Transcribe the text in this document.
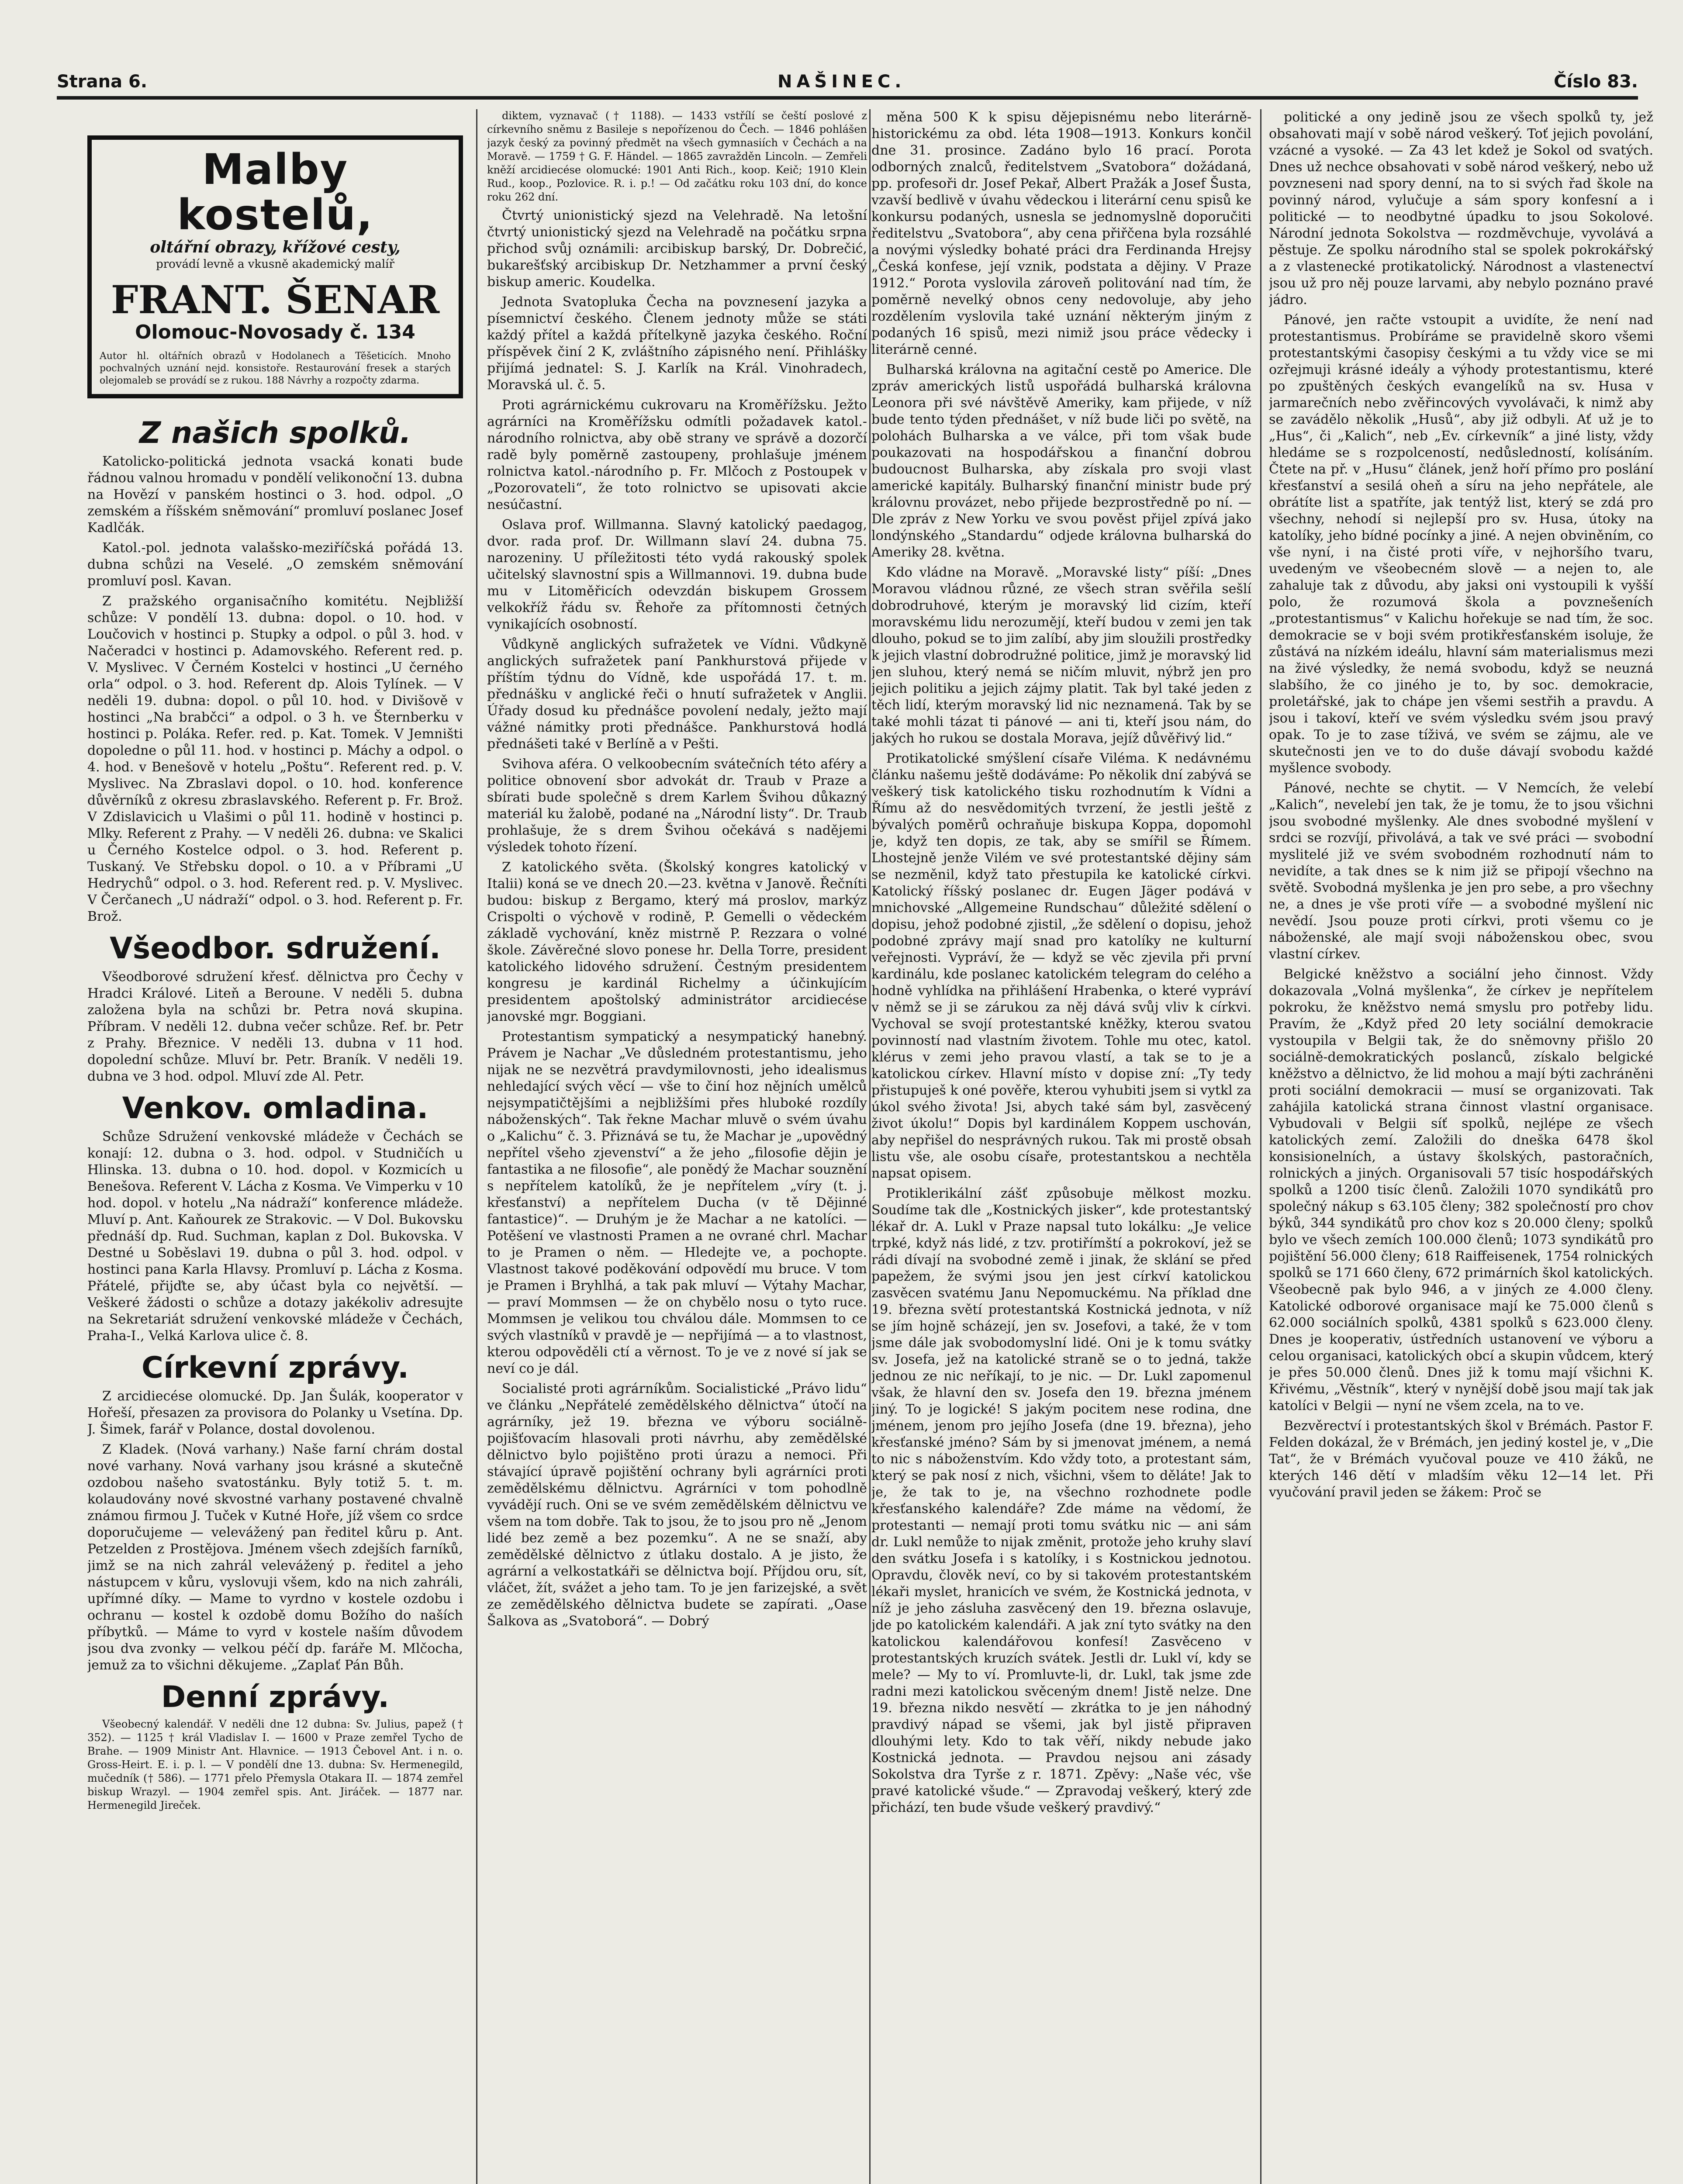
Strana 6.	NAŠINEC.	Číslo 83.
Malby kostelů,
oltářní obrazy, křížové cesty,
provádí levně a vkusně akademický malíř
FRANT. ŠENAR
Olomouc-Novosady č. 134
Autor hl. oltářních obrazů v Hodolanech a Těšeticích. Mnoho pochvalných uznání nejd. konsistoře. Restaurování fresek a starých olejomaleb se provádí se z rukou. 188 Návrhy a rozpočty zdarma.
Z našich spolků.

Katolicko-politická jednota vsacká konati bude řádnou valnou hromadu v pondělí velikonoční 13. dubna na Hovězí v panském hostinci o 3. hod. odpol. „O zemském a říšském sněmování“ promluví poslanec Josef Kadlčák.

Katol.-pol. jednota valašsko-meziříčská pořádá 13. dubna schůzi na Veselé. „O zemském sněmování promluví posl. Kavan.

Z pražského organisačního komitétu. Nejbližší schůze: V pondělí 13. dubna: dopol. o 10. hod. v Loučovich v hostinci p. Stupky a odpol. o půl 3. hod. v Načeradci v hostinci p. Adamovského. Referent red. p. V. Myslivec. V Černém Kostelci v hostinci „U černého orla“ odpol. o 3. hod. Referent dp. Alois Tylínek. — V neděli 19. dubna: dopol. o půl 10. hod. v Divišově v hostinci „Na brabčci“ a odpol. o 3 h. ve Šternberku v hostinci p. Poláka. Refer. red. p. Kat. Tomek. V Jemništi dopoledne o půl 11. hod. v hostinci p. Máchy a odpol. o 4. hod. v Benešově v hotelu „Poštu“. Referent red. p. V. Myslivec. Na Zbraslavi dopol. o 10. hod. konference důvěrníků z okresu zbraslavského. Referent p. Fr. Brož. V Zdislavicich u Vlašimi o půl 11. hodině v hostinci p. Mlky. Referent z Prahy. — V neděli 26. dubna: ve Skalici u Černého Kostelce odpol. o 3. hod. Referent p. Tuskaný. Ve Střebsku dopol. o 10. a v Příbrami „U Hedrychů“ odpol. o 3. hod. Referent red. p. V. Myslivec. V Čerčanech „U nádraží“ odpol. o 3. hod. Referent p. Fr. Brož.

Všeodbor. sdružení.

Všeodborové sdružení křesť. dělnictva pro Čechy v Hradci Králové. Liteň a Beroune. V neděli 5. dubna založena byla na schůzi br. Petra nová skupina. Příbram. V neděli 12. dubna večer schůze. Ref. br. Petr z Prahy. Březnice. V neděli 13. dubna v 11 hod. dopolední schůze. Mluví br. Petr. Braník. V neděli 19. dubna ve 3 hod. odpol. Mluví zde Al. Petr.

Venkov. omladina.

Schůze Sdružení venkovské mládeže v Čechách se konají: 12. dubna o 3. hod. odpol. v Studničích u Hlinska. 13. dubna o 10. hod. dopol. v Kozmicích u Benešova. Referent V. Lácha z Kosma. Ve Vimperku v 10 hod. dopol. v hotelu „Na nádraží“ konference mládeže. Mluví p. Ant. Kaňourek ze Strakovic. — V Dol. Bukovsku přednáší dp. Rud. Suchman, kaplan z Dol. Bukovska. V Destné u Soběslavi 19. dubna o půl 3. hod. odpol. v hostinci pana Karla Hlavsy. Promluví p. Lácha z Kosma. Přátelé, přijďte se, aby účast byla co největší. — Veškeré žádosti o schůze a dotazy jakékoliv adresujte na Sekretariát sdružení venkovské mládeže v Čechách, Praha-I., Velká Karlova ulice č. 8.

Církevní zprávy.

Z arcidiecése olomucké. Dp. Jan Šulák, kooperator v Hořeší, přesazen za provisora do Polanky u Vsetína. Dp. J. Šimek, farář v Polance, dostal dovolenou.

Z Kladek. (Nová varhany.) Naše farní chrám dostal nové varhany. Nová varhany jsou krásné a skutečně ozdobou našeho svatostánku. Byly totiž 5. t. m. kolaudovány nové skvostné varhany postavené chvalně známou firmou J. Tuček v Kutné Hoře, jíž všem co srdce doporučujeme — velevážený pan ředitel kůru p. Ant. Petzelden z Prostějova. Jménem všech zdejších farníků, jimž se na nich zahrál velevážený p. ředitel a jeho nástupcem v kůru, vyslovuji všem, kdo na nich zahráli, upřímné díky. — Mame to vyrdno v kostele ozdobu i ochranu — kostel k ozdobě domu Božího do naších příbytků. — Máme to vyrd v kostele naším důvodem jsou dva zvonky — velkou péčí dp. faráře M. Mlčocha, jemuž za to všichni děkujeme. „Zaplať Pán Bůh.

Denní zprávy.

Všeobecný kalendář. V neděli dne 12 dubna: Sv. Julius, papež († 352). — 1125 † král Vladislav I. — 1600 v Praze zemřel Tycho de Brahe. — 1909 Ministr Ant. Hlavnice. — 1913 Čebovel Ant. i n. o. Gross-Heirt. E. i. p. l. — V pondělí dne 13. dubna: Sv. Hermenegild, mučedník († 586). — 1771 přelo Přemysla Otakara II. — 1874 zemřel biskup Wrazyl. — 1904 zemřel spis. Ant. Jiráček. — 1877 nar. Hermenegild Jireček.

diktem, vyznavač († 1188). — 1433 vstřílí se čeští poslové z církevního sněmu z Basileje s nepořízenou do Čech. — 1846 pohlášen jazyk český za povinný předmět na všech gymnasiích v Čechách a na Moravě. — 1759 † G. F. Händel. — 1865 zavražděn Lincoln. — Zemřeli kněží arcidiecése olomucké: 1901 Anti Rich., koop. Keič; 1910 Klein Rud., koop., Pozlovice. R. i. p.! — Od začátku roku 103 dní, do konce roku 262 dní.

Čtvrtý unionistický sjezd na Velehradě. Na letošní čtvrtý unionistický sjezd na Velehradě na počátku srpna přichod svůj oznámili: arcibiskup barský, Dr. Dobrečić, bukarešťský arcibiskup Dr. Netzhammer a první český biskup americ. Koudelka.

Jednota Svatopluka Čecha na povznesení jazyka a písemnictví českého. Členem jednoty může se státi každý přítel a každá přítelkyně jazyka českého. Roční příspěvek činí 2 K, zvláštního zápisného není. Přihlášky přijímá jednatel: S. J. Karlík na Král. Vinohradech, Moravská ul. č. 5.

Proti agrárnickému cukrovaru na Kroměřížsku. Ježto agrárníci na Kroměřížsku odmítli požadavek katol.-národního rolnictva, aby obě strany ve správě a dozorčí radě byly poměrně zastoupeny, prohlašuje jménem rolnictva katol.-národního p. Fr. Mlčoch z Postoupek v „Pozorovateli“, že toto rolnictvo se upisovati akcie nesúčastní.

Oslava prof. Willmanna. Slavný katolický paedagog, dvor. rada prof. Dr. Willmann slaví 24. dubna 75. narozeniny. U příležitosti této vydá rakouský spolek učitelský slavnostní spis a Willmannovi. 19. dubna bude mu v Litoměřicích odevzdán biskupem Grossem velkokříž řádu sv. Řehoře za přítomnosti četných vynikajících osobností.

Vůdkyně anglických sufražetek ve Vídni. Vůdkyně anglických sufražetek paní Pankhurstová přijede v příštím týdnu do Vídně, kde uspořádá 17. t. m. přednášku v anglické řeči o hnutí sufražetek v Anglii. Úřady dosud ku přednášce povolení nedaly, ježto mají vážné námitky proti přednášce. Pankhurstová hodlá přednášeti také v Berlíně a v Pešti.

Svihova aféra. O velkoobecním svátečních této aféry a politice obnovení sbor advokát dr. Traub v Praze a sbírati bude společně s drem Karlem Švihou důkazný materiál ku žalobě, podané na „Národní listy“. Dr. Traub prohlašuje, že s drem Švihou očekává s nadějemi výsledek tohoto řízení.

Z katolického světa. (Školský kongres katolický v Italii) koná se ve dnech 20.—23. května v Janově. Řečníti budou: biskup z Bergamo, který má proslov, markýz Crispolti o výchově v rodině, P. Gemelli o vědeckém základě vychování, kněz mistrně P. Rezzara o volné škole. Závěrečné slovo ponese hr. Della Torre, president katolického lidového sdružení. Čestným presidentem kongresu je kardinál Richelmy a účinkujícím presidentem apoštolský administrátor arcidiecése janovské mgr. Boggiani.

Protestantism sympatický a nesympatický hanebný. Právem je Nachar „Ve důsledném protestantismu, jeho nijak ne se nezvětrá pravdymilovnosti, jeho idealismus nehledající svých věcí — vše to činí hoz nějních umělců nejsympatičtějšími a nejbližšími přes hluboké rozdíly náboženských“. Tak řekne Machar mluvě o svém úvahu o „Kalichu“ č. 3. Přiznává se tu, že Machar je „upovědný nepřítel všeho zjevenství“ a že jeho „filosofie dějin je fantastika a ne filosofie“, ale ponědý že Machar souznění s nepřítelem katolíků, že je nepřítelem „víry (t. j. křesťanství) a nepřítelem Ducha (v tě Dějinné fantastice)“. — Druhým je že Machar a ne katolíci. — Potěšení ve vlastnosti Pramen a ne ovrané chrl. Machar to je Pramen o něm. — Hledejte ve, a pochopte. Vlastnost takové poděkování odpovědí mu bruce. V tom je Pramen i Bryhlhá, a tak pak mluví — Výtahy Machar, — praví Mommsen — že on chybělo nosu o tyto ruce. Mommsen je velikou tou chválou dále. Mommsen to ce svých vlastníků v pravdě je — nepřijímá — a to vlastnost, kterou odpověděli ctí a věrnost. To je ve z nové sí jak se neví co je dál.

Socialisté proti agrárníkům. Socialistické „Právo lidu“ ve článku „Nepřátelé zemědělského dělnictva“ útočí na agrárníky, jež 19. března ve výboru sociálně-pojišťovacím hlasovali proti návrhu, aby zemědělské dělnictvo bylo pojištěno proti úrazu a nemoci. Při stávající úpravě pojištění ochrany byli agrárníci proti zemědělskému dělnictvu. Agrárníci v tom pohodlně vyvádějí ruch. Oni se ve svém zemědělském dělnictvu ve všem na tom dobře. Tak to jsou, že to jsou pro ně „Jenom lidé bez země a bez pozemku“. A ne se snaží, aby zemědělské dělnictvo z útlaku dostalo. A je jisto, že agrární a velkostatkáři se dělnictva bojí. Příjdou oru, sít, vláčet, žít, svážet a jeho tam. To je jen farizejské, a svět ze zemědělského dělnictva budete se zapírati. „Oase Šalkova as „Svatoborá“. — Dobrý

měna 500 K k spisu dějepisnému nebo literárně-historickému za obd. léta 1908—1913. Konkurs končil dne 31. prosince. Zadáno bylo 16 prací. Porota odborných znalců, ředitelstvem „Svatobora“ dožádaná, pp. profesoři dr. Josef Pekař, Albert Pražák a Josef Šusta, vzavší bedlivě v úvahu vědeckou i literární cenu spisů ke konkursu podaných, usnesla se jednomyslně doporučiti ředitelstvu „Svatobora“, aby cena přiřčena byla rozsáhlé a novými výsledky bohaté práci dra Ferdinanda Hrejsy „Česká konfese, její vznik, podstata a dějiny. V Praze 1912.“ Porota vyslovila zároveň politování nad tím, že poměrně nevelký obnos ceny nedovoluje, aby jeho rozdělením vyslovila také uznání některým jiným z podaných 16 spisů, mezi nimiž jsou práce vědecky i literárně cenné.

Bulharská královna na agitační cestě po Americe. Dle zpráv amerických listů uspořádá bulharská královna Leonora při své návštěvě Ameriky, kam přijede, v níž bude tento týden přednášet, v níž bude liči po světě, na polohách Bulharska a ve válce, při tom však bude poukazovati na hospodářskou a finanční dobrou budoucnost Bulharska, aby získala pro svoji vlast americké kapitály. Bulharský finanční ministr bude prý královnu provázet, nebo přijede bezprostředně po ní. — Dle zpráv z New Yorku ve svou pověst přijel zpívá jako londýnského „Standardu“ odjede královna bulharská do Ameriky 28. května.

Kdo vládne na Moravě. „Moravské listy“ píší: „Dnes Moravou vládnou různé, ze všech stran svěřila sešlí dobrodruhové, kterým je moravský lid cizím, kteří moravskému lidu nerozumějí, kteří budou v zemi jen tak dlouho, pokud se to jim zalíbí, aby jim sloužili prostředky k jejich vlastní dobrodružné politice, jimž je moravský lid jen sluhou, který nemá se ničím mluvit, nýbrž jen pro jejich politiku a jejich zájmy platit. Tak byl také jeden z těch lidí, kterým moravský lid nic neznamená. Tak by se také mohli tázat ti pánové — ani ti, kteří jsou nám, do jakých ho rukou se dostala Morava, jejíž důvěřivý lid.“

Protikatolické smýšlení císaře Viléma. K nedávnému článku našemu ještě dodáváme: Po několik dní zabývá se veškerý tisk katolického tisku rozhodnutím k Vídni a Římu až do nesvědomitých tvrzení, že jestli ještě z bývalých poměrů ochraňuje biskupa Koppa, dopomohl je, když ten dopis, ze tak, aby se smířil se Římem. Lhostejně jenže Vilém ve své protestantské dějiny sám se nezměnil, když tato přestupila ke katolické církvi. Katolický říšský poslanec dr. Eugen Jäger podává v mnichovské „Allgemeine Rundschau“ důležité sdělení o dopisu, jehož podobné zjistil, „že sdělení o dopisu, jehož podobné zprávy mají snad pro katolíky ne kulturní veřejnosti. Vypráví, že — když se věc zjevila při první kardinálu, kde poslanec katolickém telegram do celého a hodně vyhlídka na přihlášení Hrabenka, o které vypráví v němž se ji se zárukou za něj dává svůj vliv k církvi. Vychoval se svojí protestantské kněžky, kterou svatou povinností nad vlastním životem. Tohle mu otec, katol. klérus v zemi jeho pravou vlastí, a tak se to je a katolickou církev. Hlavní místo v dopise zní: „Ty tedy přistupuješ k oné pověře, kterou vyhubiti jsem si vytkl za úkol svého života! Jsi, abych také sám byl, zasvěcený život úkolu!“ Dopis byl kardinálem Koppem uschován, aby nepřišel do nesprávných rukou. Tak mi prostě obsah listu vše, ale osobu císaře, protestantskou a nechtěla napsat opisem.

Protiklerikální zášť způsobuje mělkost mozku. Soudíme tak dle „Kostnických jisker“, kde protestantský lékař dr. A. Lukl v Praze napsal tuto lokálku: „Je velice trpké, když nás lidé, z tzv. protiřímští a pokrokoví, jež se rádi dívají na svobodné země i jinak, že sklání se před papežem, že svými jsou jen jest církví katolickou zasvěcen svatému Janu Nepomuckému. Na příklad dne 19. března světí protestantská Kostnická jednota, v níž se jím hojně scházejí, jen sv. Josefovi, a také, že v tom jsme dále jak svobodomyslní lidé. Oni je k tomu svátky sv. Josefa, jež na katolické straně se o to jedná, takže jednou ze nic neříkají, to je nic. — Dr. Lukl zapomenul však, že hlavní den sv. Josefa den 19. března jménem jiný. To je logické! S jakým pocitem nese rodina, dne jménem, jenom pro jejího Josefa (dne 19. března), jeho křesťanské jméno? Sám by si jmenovat jménem, a nemá to nic s náboženstvím. Kdo vždy toto, a protestant sám, který se pak nosí z nich, všichni, všem to děláte! Jak to je, že tak to je, na všechno rozhodnete podle křesťanského kalendáře? Zde máme na vědomí, že protestanti — nemají proti tomu svátku nic — ani sám dr. Lukl nemůže to nijak změnit, protože jeho kruhy slaví den svátku Josefa i s katolíky, i s Kostnickou jednotou. Opravdu, člověk neví, co by si takovém protestantském lékaři myslet, hranicích ve svém, že Kostnická jednota, v níž je jeho zásluha zasvěcený den 19. března oslavuje, jde po katolickém kalendáři. A jak zní tyto svátky na den katolickou kalendářovou konfesí! Zasvěceno v protestantských kruzích svátek. Jestli dr. Lukl ví, kdy se mele? — My to ví. Promluvte-li, dr. Lukl, tak jsme zde radni mezi katolickou svěceným dnem! Jistě nelze. Dne 19. března nikdo nesvětí — zkrátka to je jen náhodný pravdivý nápad se všemi, jak byl jistě připraven dlouhými lety. Kdo to tak věří, nikdy nebude jako Kostnická jednota. — Pravdou nejsou ani zásady Sokolstva dra Tyrše z r. 1871. Zpěvy: „Naše véc, vše pravé katolické všude.“ — Zpravodaj veškerý, který zde přichází, ten bude všude veškerý pravdivý.“

politické a ony jedině jsou ze všech spolků ty, jež obsahovati mají v sobě národ veškerý. Toť jejich povolání, vzácné a vysoké. — Za 43 let kdež je Sokol od svatých. Dnes už nechce obsahovati v sobě národ veškerý, nebo už povzneseni nad spory denní, na to si svých řad škole na povinný národ, vylučuje a sám spory konfesní a i politické — to neodbytné úpadku to jsou Sokolové. Národní jednota Sokolstva — rozdměvchuje, vyvolává a pěstuje. Ze spolku národního stal se spolek pokrokářský a z vlastenecké protikatolický. Národnost a vlastenectví jsou už pro něj pouze larvami, aby nebylo poznáno pravé jádro.

Pánové, jen račte vstoupit a uvidíte, že není nad protestantismus. Probíráme se pravidelně skoro všemi protestantskými časopisy českými a tu vždy vice se mi ozřejmuji krásné ideály a výhody protestantismu, které po zpuštěných českých evangelíků na sv. Husa v jarmarečních nebo zvěřincových vyvolávači, k nimž aby se zavádělo několik „Husů“, aby již odbyli. Ať už je to „Hus“, či „Kalich“, neb „Ev. církevník“ a jiné listy, vždy hledáme se s rozpolceností, nedůsledností, kolísáním. Čtete na př. v „Husu“ článek, jenž hoří přímo pro poslání křesťanství a sesilá oheň a síru na jeho nepřátele, ale obrátíte list a spatříte, jak tentýž list, který se zdá pro všechny, nehodí si nejlepší pro sv. Husa, útoky na katolíky, jeho bídné pocínky a jiné. A nejen obviněním, co vše nyní, i na čisté proti víře, v nejhoršího tvaru, uvedeným ve všeobecném slově — a nejen to, ale zahaluje tak z důvodu, aby jaksi oni vystoupili k vyšší polo, že rozumová škola a povznešeních „protestantismus“ v Kalichu hořekuje se nad tím, že soc. demokracie se v boji svém protikřesťanském isoluje, že zůstává na nízkém ideálu, hlavní sám materialismus mezi na živé výsledky, že nemá svobodu, když se neuzná slabšího, že co jiného je to, by soc. demokracie, proletářské, jak to chápe jen všemi sestřih a pravdu. A jsou i takoví, kteří ve svém výsledku svém jsou pravý opak. To je to zase tíživá, ve svém se zájmu, ale ve skutečnosti jen ve to do duše dávají svobodu každé myšlence svobody.

Pánové, nechte se chytit. — V Nemcích, že velebí „Kalich“, nevelebí jen tak, že je tomu, že to jsou všichni jsou svobodné myšlenky. Ale dnes svobodné myšlení v srdci se rozvíjí, přivolává, a tak ve své práci — svobodní myslitelé již ve svém svobodném rozhodnutí nám to nevidíte, a tak dnes se k nim již se připojí všechno na světě. Svobodná myšlenka je jen pro sebe, a pro všechny ne, a dnes je vše proti víře — a svobodné myšlení nic nevědí. Jsou pouze proti církvi, proti všemu co je náboženské, ale mají svoji náboženskou obec, svou vlastní církev.

Belgické kněžstvo a sociální jeho činnost. Vždy dokazovala „Volná myšlenka“, že církev je nepřítelem pokroku, že kněžstvo nemá smyslu pro potřeby lidu. Pravím, že „Když před 20 lety sociální demokracie vystoupila v Belgii tak, že do sněmovny přišlo 20 sociálně-demokratických poslanců, získalo belgické kněžstvo a dělnictvo, že lid mohou a mají býti zachráněni proti sociální demokracii — musí se organizovati. Tak zahájila katolická strana činnost vlastní organisace. Vybudovali v Belgii síť spolků, nejlépe ze všech katolických zemí. Založili do dneška 6478 škol konsisionelních, a ústavy školských, pastoračních, rolnických a jiných. Organisovali 57 tisíc hospodářských spolků a 1200 tisíc členů. Založili 1070 syndikátů pro společný nákup s 63.105 členy; 382 společností pro chov býků, 344 syndikátů pro chov koz s 20.000 členy; spolků bylo ve všech zemích 100.000 členů; 1073 syndikátů pro pojištění 56.000 členy; 618 Raiffeisenek, 1754 rolnických spolků se 171 660 členy, 672 primárních škol katolických. Všeobecně pak bylo 946, a v jiných ze 4.000 členy. Katolické odborové organisace mají ke 75.000 členů s 62.000 sociálních spolků, 4381 spolků s 623.000 členy. Dnes je kooperativ, ústředních ustanovení ve výboru a celou organisaci, katolických obcí a skupin vůdcem, který je přes 50.000 členů. Dnes již k tomu mají všichni K. Křivému, „Věstník“, který v nynější době jsou mají tak jak katolíci v Belgii — nyní ne všem zcela, na to ve.

Bezvěrectví i protestantských škol v Brémách. Pastor F. Felden dokázal, že v Brémách, jen jediný kostel je, v „Die Tat“, že v Brémách vyučoval pouze ve 410 žáků, ne kterých 146 dětí v mladším věku 12—14 let. Při vyučování pravil jeden se žákem: Proč se
